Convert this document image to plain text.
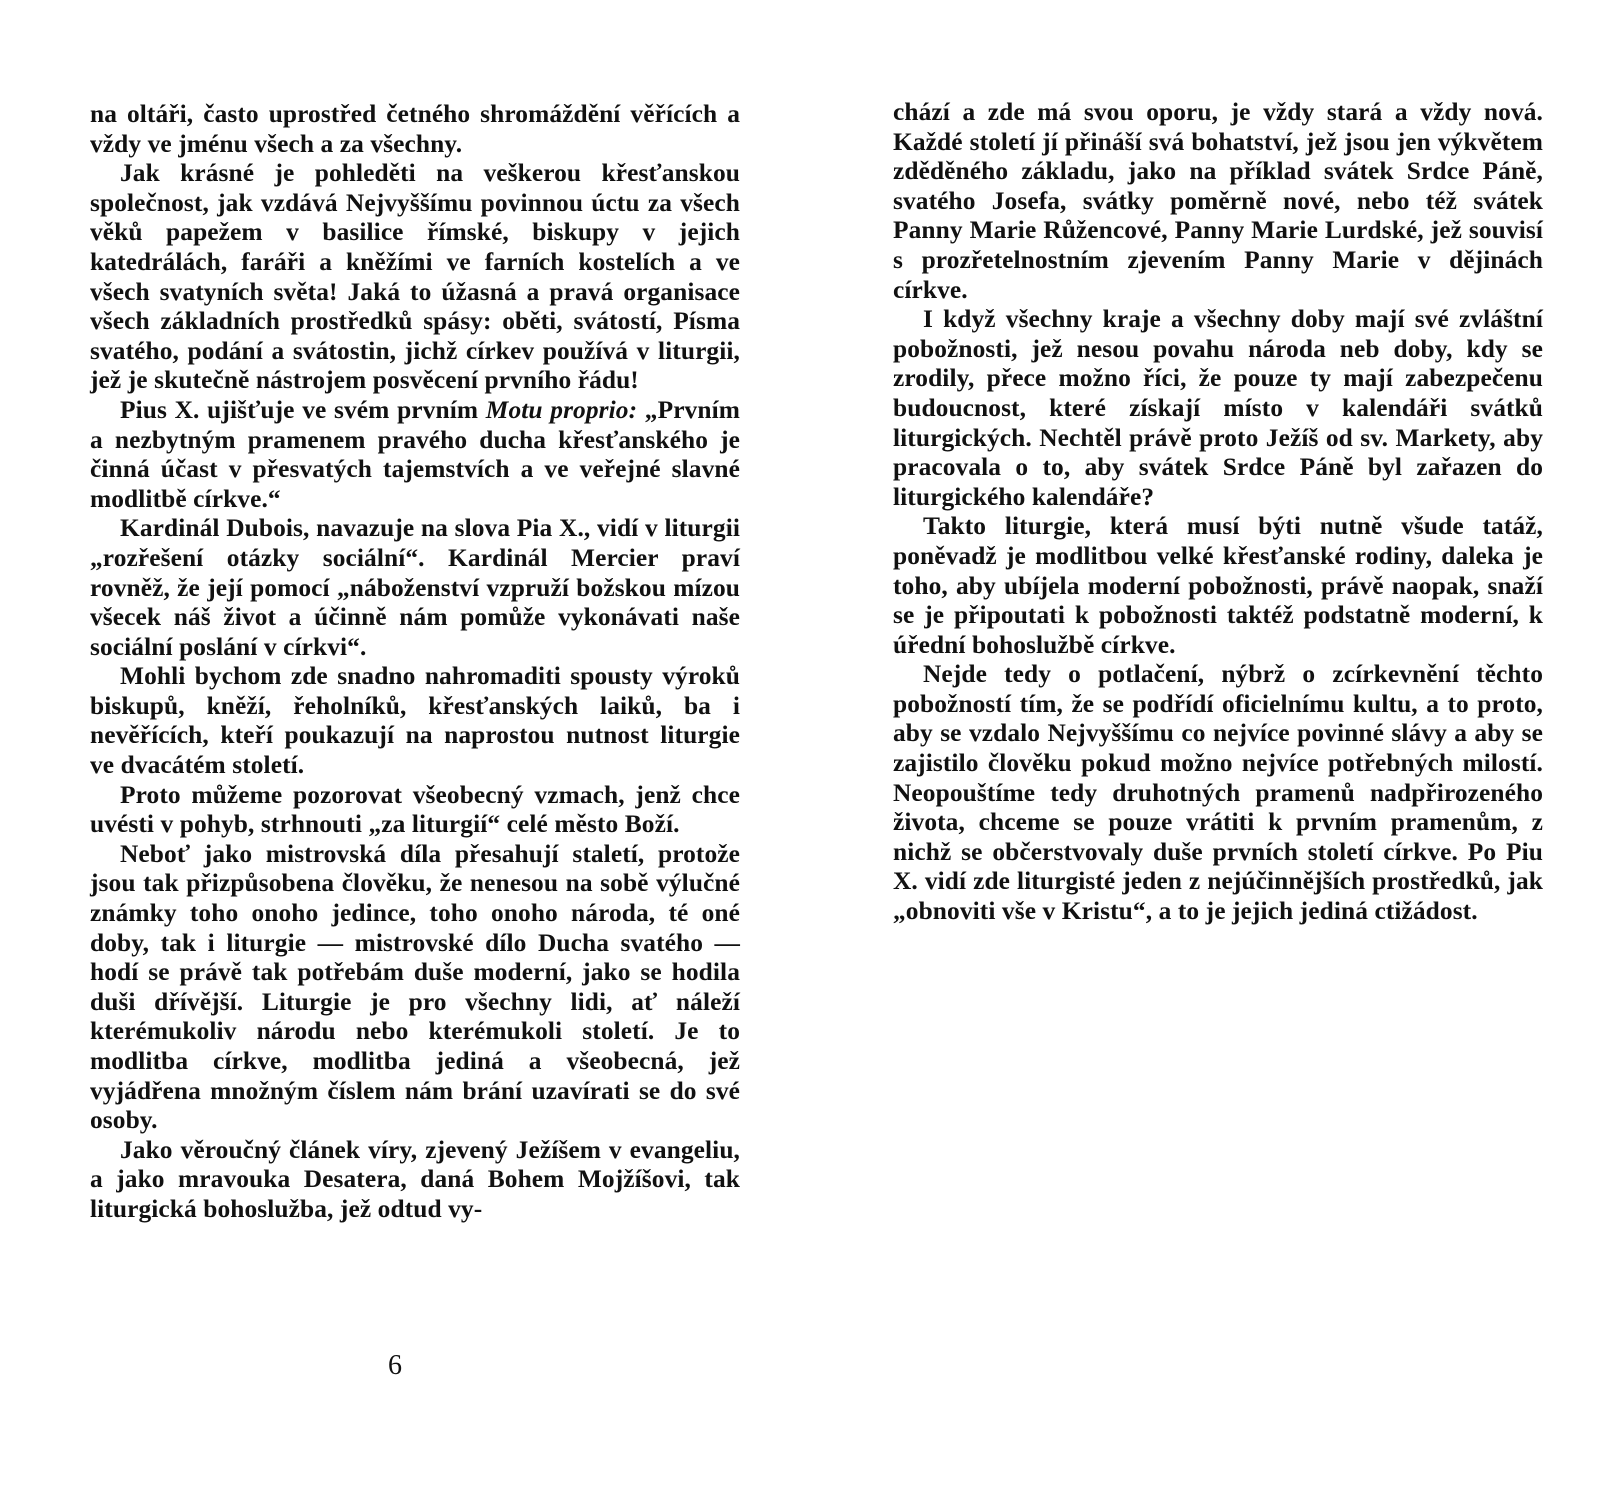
na oltáři, často uprostřed četného shromáždění věřících a vždy ve jménu všech a za všechny.

Jak krásné je pohleděti na veškerou křesťanskou společnost, jak vzdává Nejvyššímu povinnou úctu za všech věků papežem v basilice římské, biskupy v jejich katedrálách, faráři a kněžími ve farních kostelích a ve všech svatyních světa! Jaká to úžasná a pravá organisace všech základních prostředků spásy: oběti, svátostí, Písma svatého, podání a svátostin, jichž církev používá v liturgii, jež je skutečně nástrojem posvěcení prvního řádu!

Pius X. ujišťuje ve svém prvním Motu proprio: „Prvním a nezbytným pramenem pravého ducha křesťanského je činná účast v přesvatých tajemstvích a ve veřejné slavné modlitbě církve.“

Kardinál Dubois, navazuje na slova Pia X., vidí v liturgii „rozřešení otázky sociální“. Kardinál Mercier praví rovněž, že její pomocí „náboženství vzpruží božskou mízou všecek náš život a účinně nám pomůže vykonávati naše sociální poslání v církvi“.

Mohli bychom zde snadno nahromaditi spousty výroků biskupů, kněží, řeholníků, křesťanských laiků, ba i nevěřících, kteří poukazují na naprostou nutnost liturgie ve dvacátém století.

Proto můžeme pozorovat všeobecný vzmach, jenž chce uvésti v pohyb, strhnouti „za liturgií“ celé město Boží.

Neboť jako mistrovská díla přesahují staletí, protože jsou tak přizpůsobena člověku, že nenesou na sobě výlučné známky toho onoho jedince, toho onoho národa, té oné doby, tak i liturgie — mistrovské dílo Ducha svatého — hodí se právě tak potřebám duše moderní, jako se hodila duši dřívější. Liturgie je pro všechny lidi, ať náleží kterémukoliv národu nebo kterémukoli století. Je to modlitba církve, modlitba jediná a všeobecná, jež vyjádřena množným číslem nám brání uzavírati se do své osoby.

Jako věroučný článek víry, zjevený Ježíšem v evangeliu, a jako mravouka Desatera, daná Bohem Mojžíšovi, tak liturgická bohoslužba, jež odtud vy-

6

chází a zde má svou oporu, je vždy stará a vždy nová. Každé století jí přináší svá bohatství, jež jsou jen výkvětem zděděného základu, jako na příklad svátek Srdce Páně, svatého Josefa, svátky poměrně nové, nebo též svátek Panny Marie Růžencové, Panny Marie Lurdské, jež souvisí s prozřetelnostním zjevením Panny Marie v dějinách církve.

I když všechny kraje a všechny doby mají své zvláštní pobožnosti, jež nesou povahu národa neb doby, kdy se zrodily, přece možno říci, že pouze ty mají zabezpečenu budoucnost, které získají místo v kalendáři svátků liturgických. Nechtěl právě proto Ježíš od sv. Markety, aby pracovala o to, aby svátek Srdce Páně byl zařazen do liturgického kalendáře?

Takto liturgie, která musí býti nutně všude tatáž, poněvadž je modlitbou velké křesťanské rodiny, daleka je toho, aby ubíjela moderní pobožnosti, právě naopak, snaží se je připoutati k pobožnosti taktéž podstatně moderní, k úřední bohoslužbě církve.

Nejde tedy o potlačení, nýbrž o zcírkevnění těchto pobožností tím, že se podřídí oficielnímu kultu, a to proto, aby se vzdalo Nejvyššímu co nejvíce povinné slávy a aby se zajistilo člověku pokud možno nejvíce potřebných milostí. Neopouštíme tedy druhotných pramenů nadpřirozeného života, chceme se pouze vrátiti k prvním pramenům, z nichž se občerstvovaly duše prvních století církve. Po Piu X. vidí zde liturgisté jeden z nejúčinnějších prostředků, jak „obnoviti vše v Kristu“, a to je jejich jediná ctižádost.
